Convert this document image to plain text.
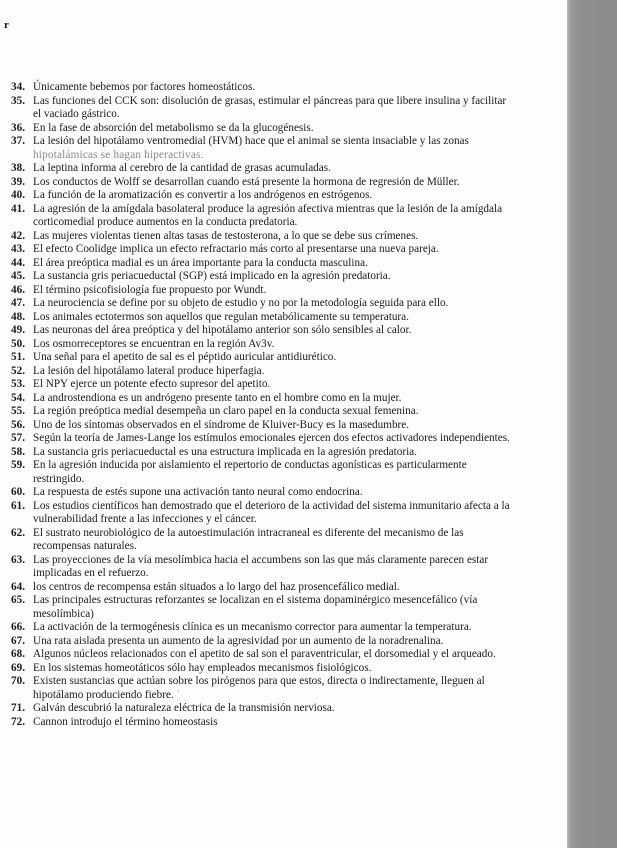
r
34. Únicamente bebemos por factores homeostáticos.
35. Las funciones del CCK son: disolución de grasas, estimular el páncreas para que libere insulina y facilitar el vaciado gástrico.
36. En la fase de absorción del metabolismo se da la glucogénesis.
37. La lesión del hipotálamo ventromedial (HVM) hace que el animal se sienta insaciable y las zonas hipotalámicas se hagan hiperactivas.
38. La leptina informa al cerebro de la cantidad de grasas acumuladas.
39. Los conductos de Wolff se desarrollan cuando está presente la hormona de regresión de Müller.
40. La función de la aromatización es convertir a los andrógenos en estrógenos.
41. La agresión de la amígdala basolateral produce la agresión afectiva mientras que la lesión de la amígdala corticomedial produce aumentos en la conducta predatoria.
42. Las mujeres violentas tienen altas tasas de testosterona, a lo que se debe sus crímenes.
43. El efecto Coolidge implica un efecto refractario más corto al presentarse una nueva pareja.
44. El área preóptica madial es un área importante para la conducta masculina.
45. La sustancia gris periacueductal (SGP) está implicado en la agresión predatoria.
46. El término psicofisiología fue propuesto por Wundt.
47. La neurociencia se define por su objeto de estudio y no por la metodología seguida para ello.
48. Los animales ectotermos son aquellos que regulan metabólicamente su temperatura.
49. Las neuronas del área preóptica y del hipotálamo anterior son sólo sensibles al calor.
50. Los osmorreceptores se encuentran en la región Av3v.
51. Una señal para el apetito de sal es el péptido auricular antidiurético.
52. La lesión del hipotálamo lateral produce hiperfagia.
53. El NPY ejerce un potente efecto supresor del apetito.
54. La androstendiona es un andrógeno presente tanto en el hombre como en la mujer.
55. La región preóptica medial desempeña un claro papel en la conducta sexual femenina.
56. Uno de los síntomas observados en el síndrome de Kluiver-Bucy es la masedumbre.
57. Según la teoría de James-Lange los estímulos emocionales ejercen dos efectos activadores independientes.
58. La sustancia gris periacueductal es una estructura implicada en la agresión predatoria.
59. En la agresión inducida por aislamiento el repertorio de conductas agonísticas es particularmente restringido.
60. La respuesta de estés supone una activación tanto neural como endocrina.
61. Los estudios científicos han demostrado que el deterioro de la actividad del sistema inmunitario afecta a la vulnerabilidad frente a las infecciones y el cáncer.
62. El sustrato neurobiológico de la autoestimulación intracraneal es diferente del mecanismo de las recompensas naturales.
63. Las proyecciones de la vía mesolímbica hacia el accumbens son las que más claramente parecen estar implicadas en el refuerzo.
64. los centros de recompensa están situados a lo largo del haz prosencefálico medial.
65. Las principales estructuras reforzantes se localizan en el sistema dopaminérgico mesencefálico (vía mesolímbica)
66. La activación de la termogénesis clínica es un mecanismo corrector para aumentar la temperatura.
67. Una rata aislada presenta un aumento de la agresividad por un aumento de la noradrenalina.
68. Algunos núcleos relacionados con el apetito de sal son el paraventricular, el dorsomedial y el arqueado.
69. En los sistemas homeotáticos sólo hay empleados mecanismos fisiológicos.
70. Existen sustancias que actúan sobre los pirógenos para que estos, directa o indirectamente, lleguen al hipotálamo produciendo fiebre. ˙
71. Galván descubrió la naturaleza eléctrica de la transmisión nerviosa.
72. Cannon introdujo el término homeostasis
